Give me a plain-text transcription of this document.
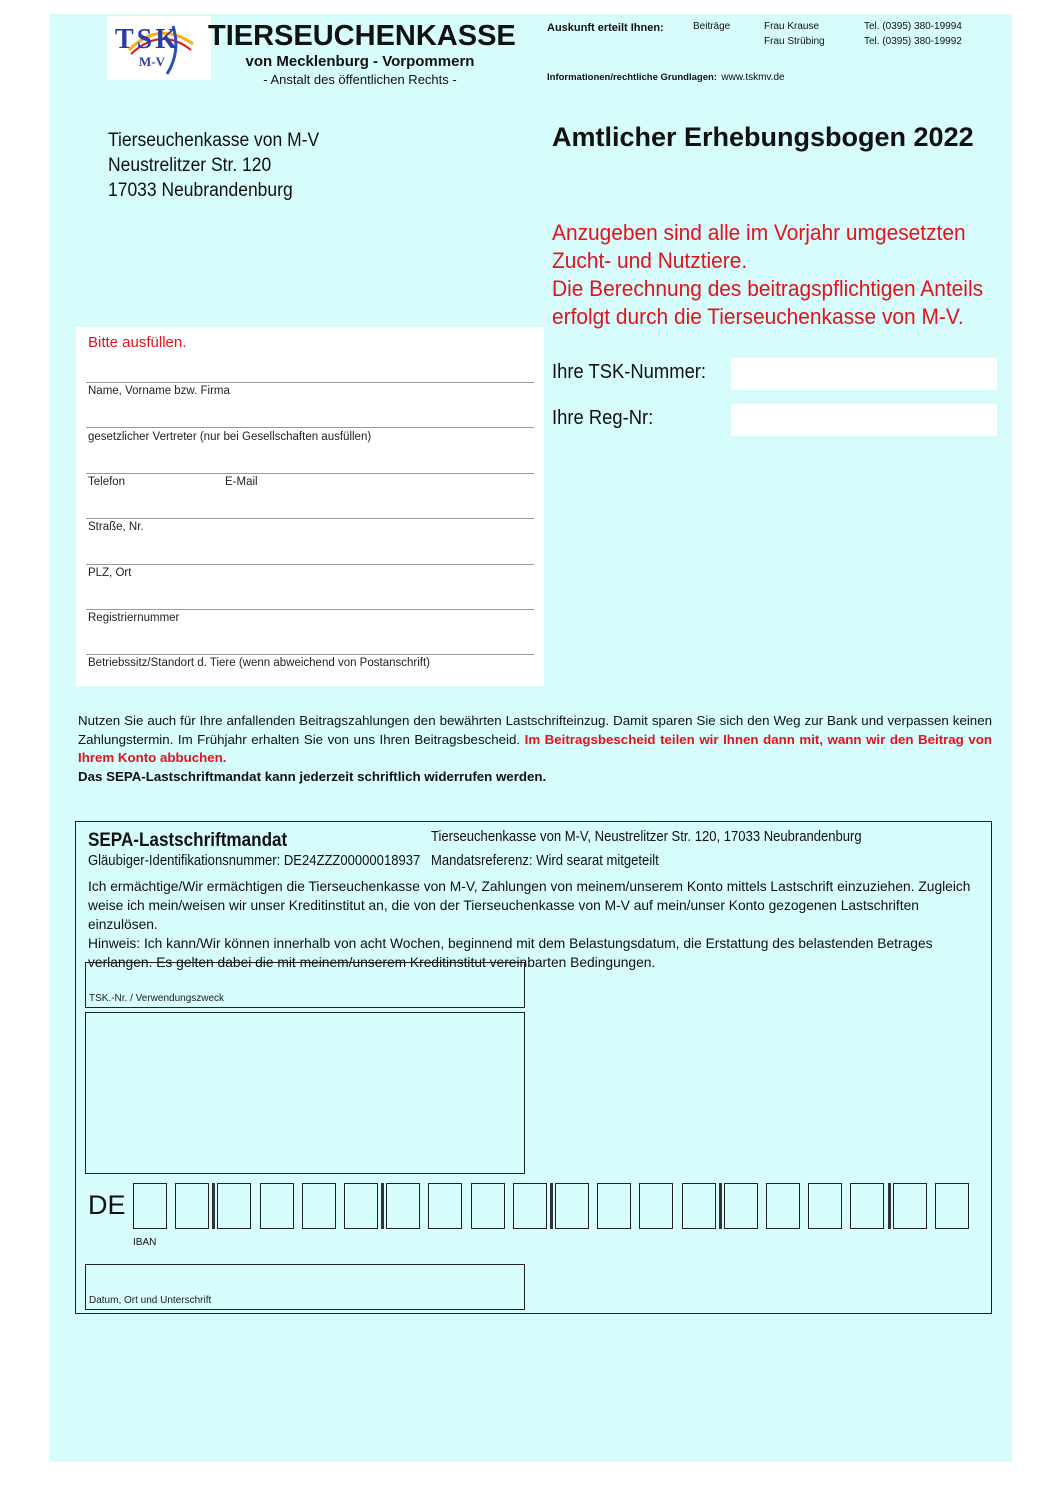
TSK
M-V
TIERSEUCHENKASSE
von Mecklenburg - Vorpommern
- Anstalt des öffentlichen Rechts -
Auskunft erteilt Ihnen:	Beiträge	Frau Krause	Tel. (0395) 380-19994
Frau Strübing	Tel. (0395) 380-19992
Informationen/rechtliche Grundlagen: www.tskmv.de
Tierseuchenkasse von M-V
Neustrelitzer Str. 120
17033 Neubrandenburg
Amtlicher Erhebungsbogen 2022
Anzugeben sind alle im Vorjahr umgesetzten
Zucht- und Nutztiere.
Die Berechnung des beitragspflichtigen Anteils
erfolgt durch die Tierseuchenkasse von M-V.
Ihre TSK-Nummer:
Ihre Reg-Nr:
Bitte ausfüllen.
Name, Vorname bzw. Firma
gesetzlicher Vertreter (nur bei Gesellschaften ausfüllen)
Telefon	E-Mail
Straße, Nr.
PLZ, Ort
Registriernummer
Betriebssitz/Standort d. Tiere (wenn abweichend von Postanschrift)
Nutzen Sie auch für Ihre anfallenden Beitragszahlungen den bewährten Lastschrifteinzug. Damit sparen Sie sich den Weg zur Bank und verpassen keinen Zahlungstermin. Im Frühjahr erhalten Sie von uns Ihren Beitragsbescheid. Im Beitragsbescheid teilen wir Ihnen dann mit, wann wir den Beitrag von Ihrem Konto abbuchen.
Das SEPA-Lastschriftmandat kann jederzeit schriftlich widerrufen werden.
SEPA-Lastschriftmandat	Tierseuchenkasse von M-V, Neustrelitzer Str. 120, 17033 Neubrandenburg
Gläubiger-Identifikationsnummer: DE24ZZZ00000018937 Mandatsreferenz: Wird searat mitgeteilt
Ich ermächtige/Wir ermächtigen die Tierseuchenkasse von M-V, Zahlungen von meinem/unserem Konto mittels Lastschrift einzuziehen. Zugleich weise ich mein/weisen wir unser Kreditinstitut an, die von der Tierseuchenkasse von M-V auf mein/unser Konto gezogenen Lastschriften einzulösen.
Hinweis: Ich kann/Wir können innerhalb von acht Wochen, beginnend mit dem Belastungsdatum, die Erstattung des belastenden Betrages verlangen. Es gelten dabei die mit meinem/unserem Kreditinstitut vereinbarten Bedingungen.
TSK.-Nr. / Verwendungszweck
DE
IBAN
Datum, Ort und Unterschrift
